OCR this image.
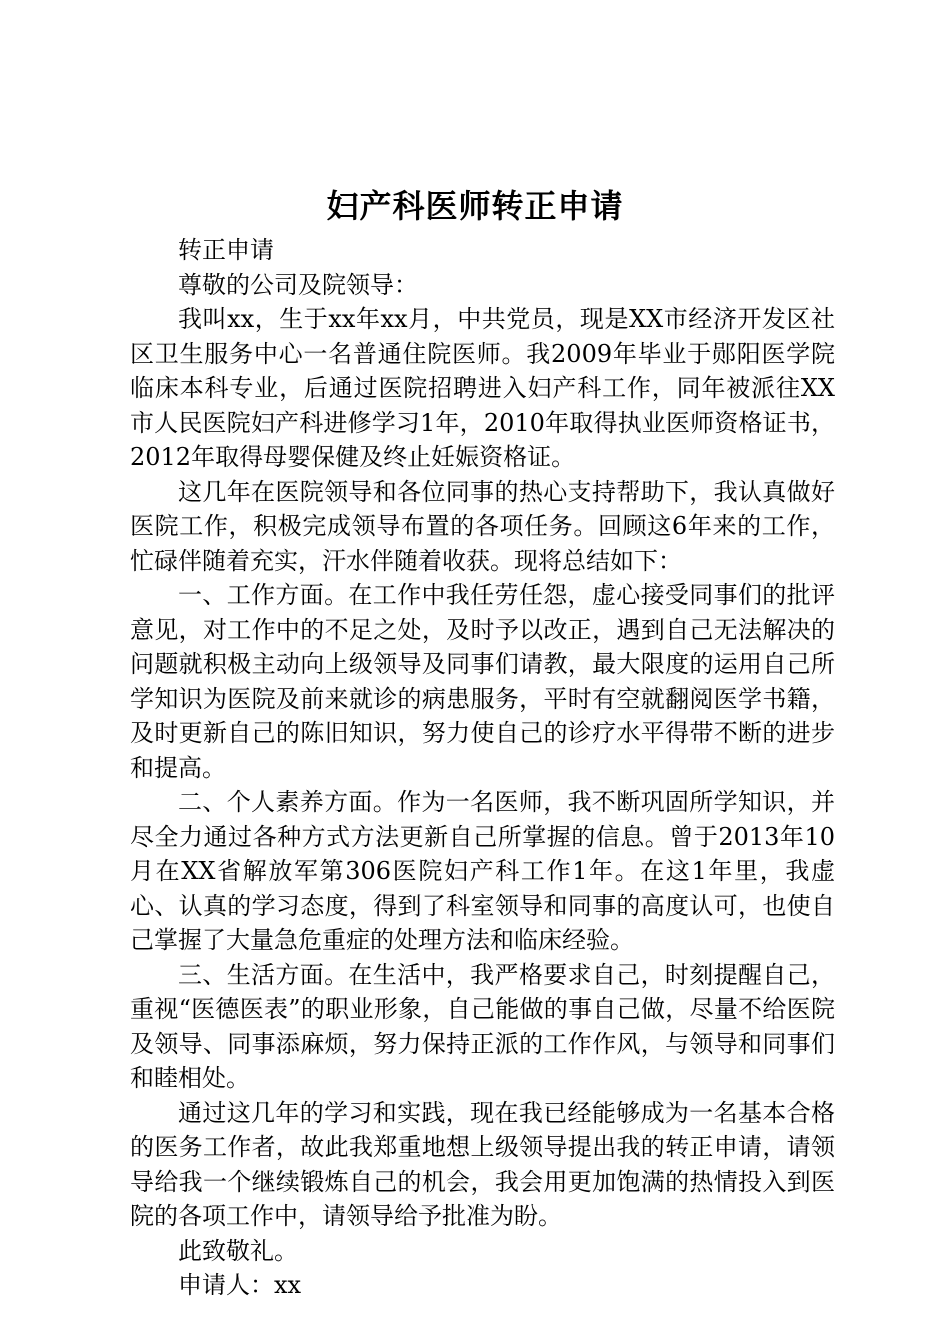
妇产科医师转正申请

转正申请

尊敬的公司及院领导：

我叫xx，生于xx年xx月，中共党员，现是XX市经济开发区社区卫生服务中心一名普通住院医师。我2009年毕业于郧阳医学院临床本科专业，后通过医院招聘进入妇产科工作，同年被派往XX市人民医院妇产科进修学习1年，2010年取得执业医师资格证书，2012年取得母婴保健及终止妊娠资格证。

这几年在医院领导和各位同事的热心支持帮助下，我认真做好医院工作，积极完成领导布置的各项任务。回顾这6年来的工作，忙碌伴随着充实，汗水伴随着收获。现将总结如下：

一、工作方面。在工作中我任劳任怨，虚心接受同事们的批评意见，对工作中的不足之处，及时予以改正，遇到自己无法解决的问题就积极主动向上级领导及同事们请教，最大限度的运用自己所学知识为医院及前来就诊的病患服务，平时有空就翻阅医学书籍，及时更新自己的陈旧知识，努力使自己的诊疗水平得带不断的进步和提高。

二、个人素养方面。作为一名医师，我不断巩固所学知识，并尽全力通过各种方式方法更新自己所掌握的信息。曾于2013年10月在XX省解放军第306医院妇产科工作1年。在这1年里，我虚心、认真的学习态度，得到了科室领导和同事的高度认可，也使自己掌握了大量急危重症的处理方法和临床经验。

三、生活方面。在生活中，我严格要求自己，时刻提醒自己，重视“医德医表”的职业形象，自己能做的事自己做，尽量不给医院及领导、同事添麻烦，努力保持正派的工作作风，与领导和同事们和睦相处。

通过这几年的学习和实践，现在我已经能够成为一名基本合格的医务工作者，故此我郑重地想上级领导提出我的转正申请，请领导给我一个继续锻炼自己的机会，我会用更加饱满的热情投入到医院的各项工作中，请领导给予批准为盼。

此致敬礼。

申请人：xx
